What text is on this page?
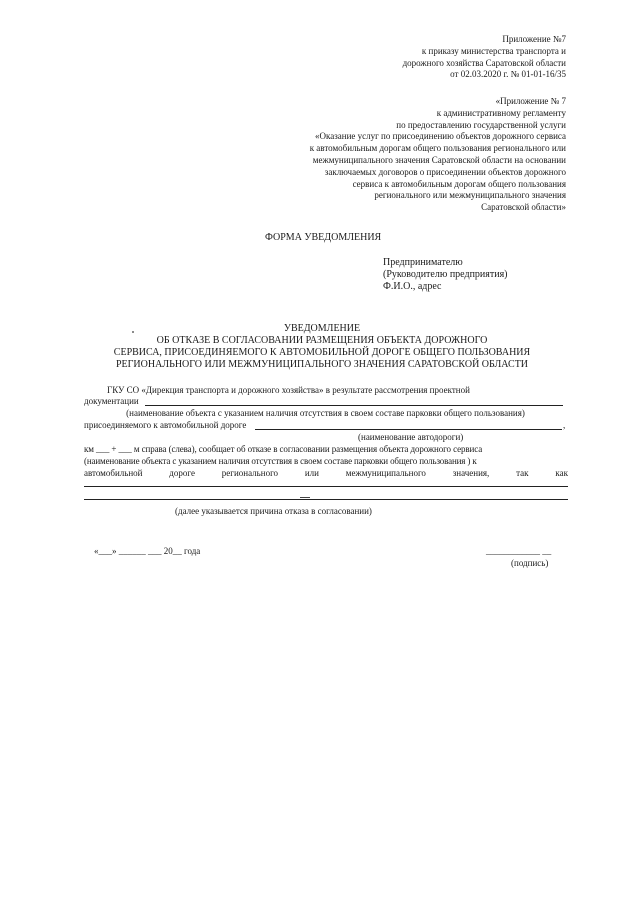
Приложение №7
к приказу министерства транспорта и
дорожного хозяйства Саратовской области
от 02.03.2020 г. № 01-01-16/35
«Приложение № 7
к административному регламенту
по предоставлению государственной услуги
«Оказание услуг по присоединению объектов дорожного сервиса
к автомобильным дорогам общего пользования регионального или
межмуниципального значения Саратовской области на основании
заключаемых договоров о присоединении объектов дорожного
сервиса к автомобильным дорогам общего пользования
регионального или межмуниципального значения
Саратовской области»
ФОРМА УВЕДОМЛЕНИЯ
Предпринимателю
(Руководителю предприятия)
Ф.И.О., адрес
УВЕДОМЛЕНИЕ
ОБ ОТКАЗЕ В СОГЛАСОВАНИИ РАЗМЕЩЕНИЯ ОБЪЕКТА ДОРОЖНОГО
СЕРВИСА, ПРИСОЕДИНЯЕМОГО К АВТОМОБИЛЬНОЙ ДОРОГЕ ОБЩЕГО ПОЛЬЗОВАНИЯ
РЕГИОНАЛЬНОГО ИЛИ МЕЖМУНИЦИПАЛЬНОГО ЗНАЧЕНИЯ САРАТОВСКОЙ ОБЛАСТИ
ГКУ СО «Дирекция транспорта и дорожного хозяйства» в результате рассмотрения проектной
документации
(наименование объекта с указанием наличия отсутствия в своем составе парковки общего пользования)
присоединяемого к автомобильной дороге	,
(наименование автодороги)
км ___ + ___ м справа (слева), сообщает об отказе в согласовании размещения объекта дорожного сервиса
(наименование объекта с указанием наличия отсутствия в своем составе парковки общего пользования ) к
автомобильной	дороге	регионального	или	межмуниципального	значения,	так	как
(далее указывается причина отказа в согласовании)
«___» ______ ___ 20__ года	____________ __
(подпись)
